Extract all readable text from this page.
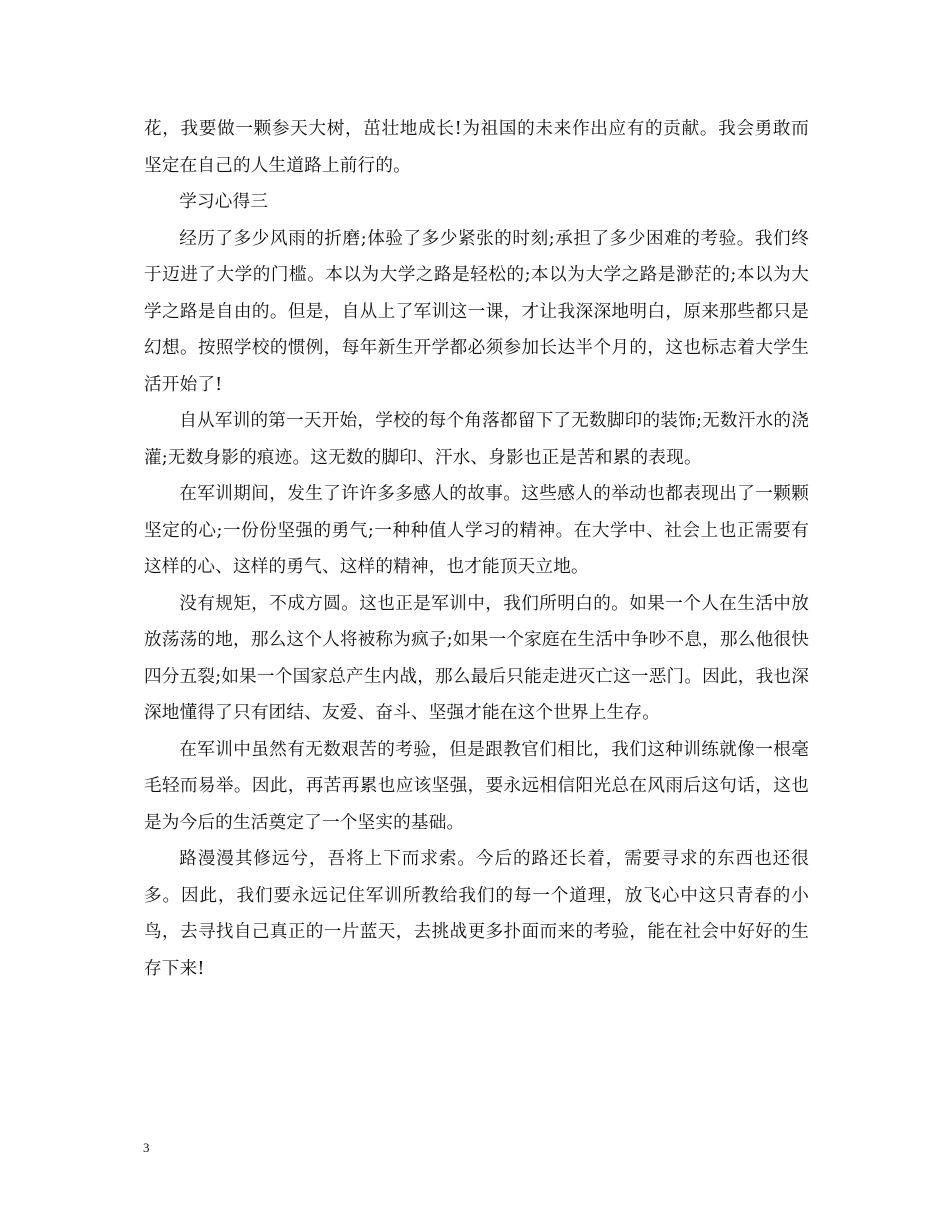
花，我要做一颗参天大树，茁壮地成长!为祖国的未来作出应有的贡献。我会勇敢而坚定在自己的人生道路上前行的。

学习心得三

经历了多少风雨的折磨;体验了多少紧张的时刻;承担了多少困难的考验。我们终于迈进了大学的门槛。本以为大学之路是轻松的;本以为大学之路是渺茫的;本以为大学之路是自由的。但是，自从上了军训这一课，才让我深深地明白，原来那些都只是幻想。按照学校的惯例，每年新生开学都必须参加长达半个月的，这也标志着大学生活开始了!

自从军训的第一天开始，学校的每个角落都留下了无数脚印的装饰;无数汗水的浇灌;无数身影的痕迹。这无数的脚印、汗水、身影也正是苦和累的表现。

在军训期间，发生了许许多多感人的故事。这些感人的举动也都表现出了一颗颗坚定的心;一份份坚强的勇气;一种种值人学习的精神。在大学中、社会上也正需要有这样的心、这样的勇气、这样的精神，也才能顶天立地。

没有规矩，不成方圆。这也正是军训中，我们所明白的。如果一个人在生活中放放荡荡的地，那么这个人将被称为疯子;如果一个家庭在生活中争吵不息，那么他很快四分五裂;如果一个国家总产生内战，那么最后只能走进灭亡这一恶门。因此，我也深深地懂得了只有团结、友爱、奋斗、坚强才能在这个世界上生存。

在军训中虽然有无数艰苦的考验，但是跟教官们相比，我们这种训练就像一根毫毛轻而易举。因此，再苦再累也应该坚强，要永远相信阳光总在风雨后这句话，这也是为今后的生活奠定了一个坚实的基础。

路漫漫其修远兮，吾将上下而求索。今后的路还长着，需要寻求的东西也还很多。因此，我们要永远记住军训所教给我们的每一个道理，放飞心中这只青春的小鸟，去寻找自己真正的一片蓝天，去挑战更多扑面而来的考验，能在社会中好好的生存下来!

3
